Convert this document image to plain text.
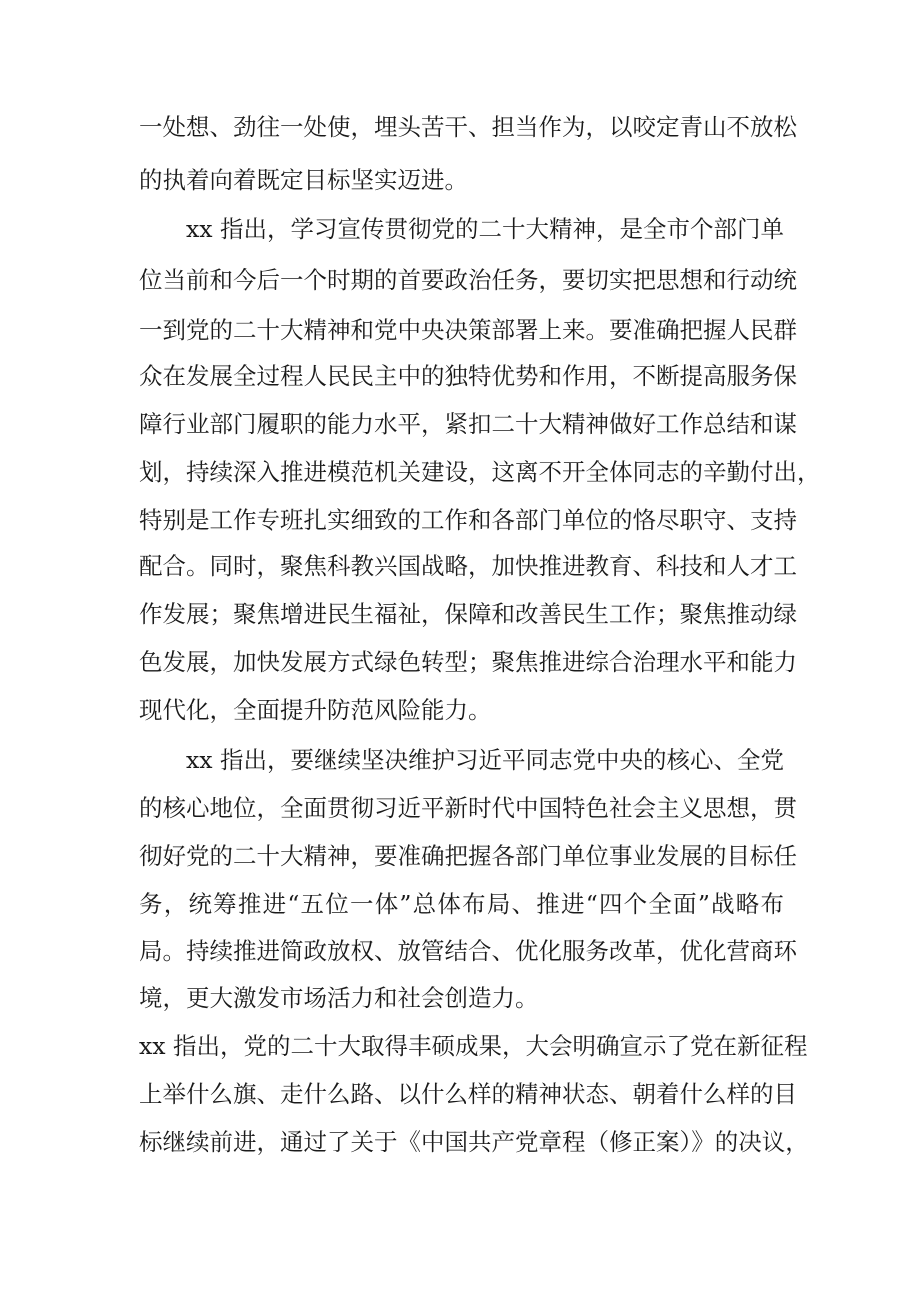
一处想、劲往一处使，埋头苦干、担当作为，以咬定青山不放松
的执着向着既定目标坚实迈进。
xx 指出，学习宣传贯彻党的二十大精神，是全市个部门单
位当前和今后一个时期的首要政治任务，要切实把思想和行动统
一到党的二十大精神和党中央决策部署上来。要准确把握人民群
众在发展全过程人民民主中的独特优势和作用，不断提高服务保
障行业部门履职的能力水平，紧扣二十大精神做好工作总结和谋
划，持续深入推进模范机关建设，这离不开全体同志的辛勤付出，
特别是工作专班扎实细致的工作和各部门单位的恪尽职守、支持
配合。同时，聚焦科教兴国战略，加快推进教育、科技和人才工
作发展；聚焦增进民生福祉，保障和改善民生工作；聚焦推动绿
色发展，加快发展方式绿色转型；聚焦推进综合治理水平和能力
现代化，全面提升防范风险能力。
xx 指出，要继续坚决维护习近平同志党中央的核心、全党
的核心地位，全面贯彻习近平新时代中国特色社会主义思想，贯
彻好党的二十大精神，要准确把握各部门单位事业发展的目标任
务，统筹推进“五位一体”总体布局、推进“四个全面”战略布
局。持续推进简政放权、放管结合、优化服务改革，优化营商环
境，更大激发市场活力和社会创造力。
xx 指出，党的二十大取得丰硕成果，大会明确宣示了党在新征程
上举什么旗、走什么路、以什么样的精神状态、朝着什么样的目
标继续前进，通过了关于《中国共产党章程（修正案）》的决议，
